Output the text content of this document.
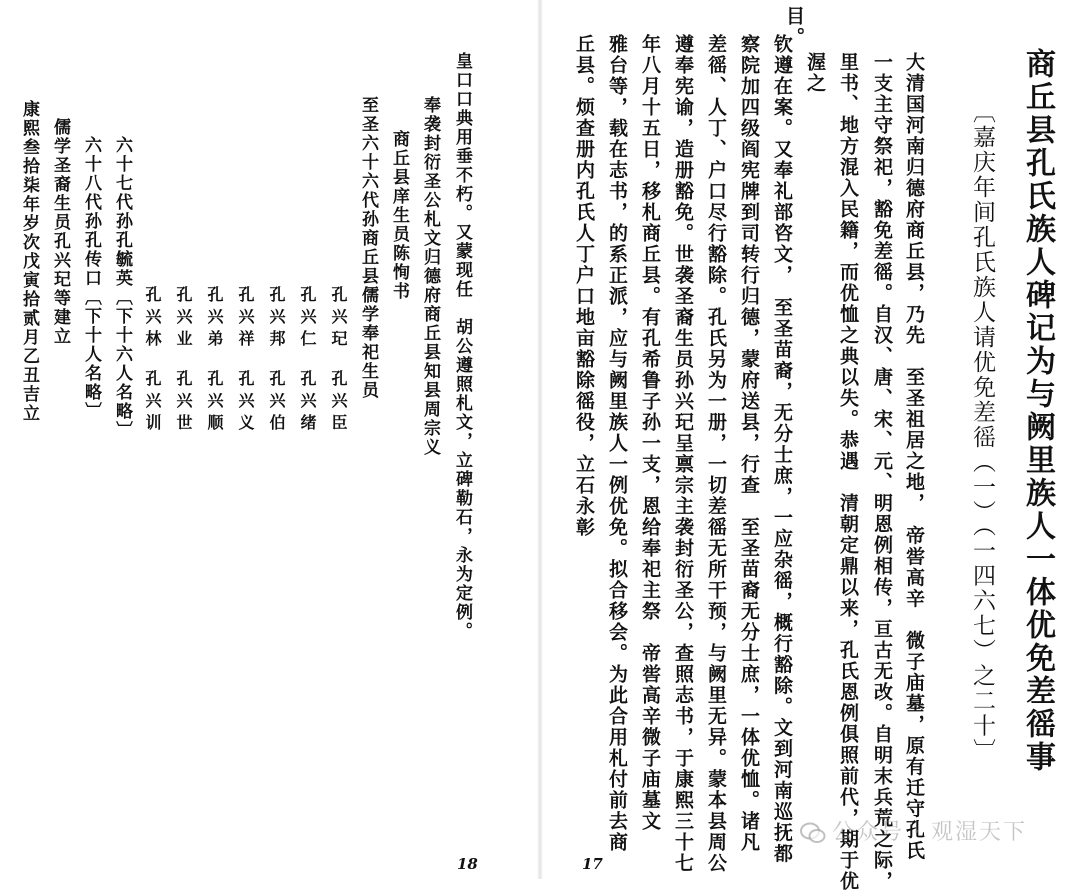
商丘县孔氏族人碑记为与阙里族人一体优免差徭事
〔嘉庆年间孔氏族人请优免差徭（一）（一四六七）之二十〕
目。
大清国河南归德府商丘县，乃先　至圣祖居之地，　帝喾高辛　微子庙墓，原有迁守孔氏
一支主守祭祀，豁免差徭。自汉、唐、宋、元、明恩例相传，亘古无改。自明末兵荒之际，
里书、地方混入民籍，而优恤之典以失。恭遇　清朝定鼎以来，孔氏恩例俱照前代，期于优
渥之
钦遵在案。又奉礼部咨文，　至圣苗裔，无分士庶，一应杂徭，概行豁除。文到河南巡抚都
察院加四级阎宪牌到司转行归德，蒙府送县，行查　至圣苗裔无分士庶，一体优恤。诸凡
差徭、人丁、户口尽行豁除。孔氏另为一册，一切差徭无所干预，与阙里无异。蒙本县周公
遵奉宪谕，造册豁免。世袭圣裔生员孙兴玘呈禀宗主袭封衍圣公，查照志书，于康熙三十七
年八月十五日，移札商丘县。有孔希鲁子孙一支，恩给奉祀主祭　帝喾高辛微子庙墓文
雅台等，载在志书，的系正派，应与阙里族人一例优免。拟合移会。为此合用札付前去商
丘县。烦查册内孔氏人丁户口地亩豁除徭役，立石永彰
17
皇口口典用垂不朽。又蒙现任　胡公遵照札文，立碑勒石，永为定例。
奉袭封衍圣公札文归德府商丘县知县周宗义
商丘县庠生员陈恂书
至圣六十六代孙商丘县儒学奉祀生员
孔兴玘
孔兴臣
孔兴仁
孔兴绪
孔兴邦
孔兴伯
孔兴祥
孔兴义
孔兴弟
孔兴顺
孔兴业
孔兴世
孔兴林
孔兴训
六十七代孙孔毓英〔下十六人名略〕
六十八代孙孔传口〔下十人名略〕
儒学圣裔生员孔兴玘等建立
康熙叁拾柒年岁次戊寅拾贰月乙丑吉立
18
公众号 · 观湿天下
